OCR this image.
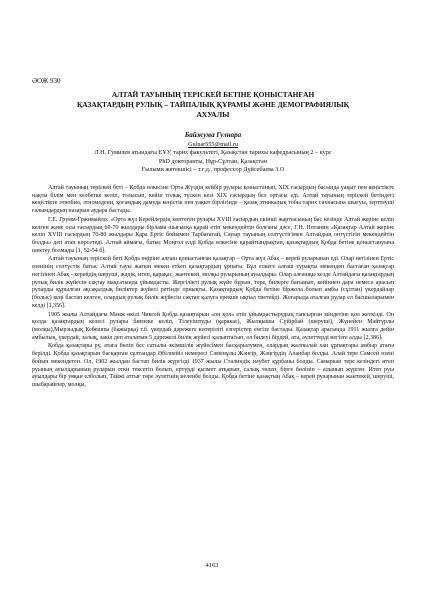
ӘОЖ 930
АЛТАЙ ТАУЫНЫҢ ТЕРІСКЕЙ БЕТІНЕ ҚОНЫСТАНҒАН
ҚАЗАҚТАРДЫҢ РУЛЫҚ – ТАЙПАЛЫҚ ҚҰРАМЫ ЖӘНЕ ДЕМОГРАФИЯЛЫҚ
АХУАЛЫ
Байжума Гулнара
Gulnar555@mail.ru
Л.Н. Гумилев атындағы ЕҰУ, тарих факультеті, Қазақстан тарихы кафедрасының 2 – курс
PhD докторанты, Нұр-Сұлтан, Қазақстан
Ғылыми жетекшісі – т.ғ.д., профессор Дүйсебаева З.О

Алтай тауының теріскей беті – Қобда өлкесіне Орта Жүздің кейбір рулары қоныстанып, XIX ғасырдың басында уақыт пен кеңістікте нақты білім мен келбетке келіп, толысып, кейін толық түскен кезі XIX ғасырдың бел ортасы еді. Алтай тауының теріскей бетіндегі кеңістікте этнобио, этномәдени, қоғамдық дамуда кеңістік пен уақыт бірлігінде – қазақ этникалық тобы тарих сахнасына шығуы, зерттеуші ғалымдардың назарын аудара бастады.

Г.Е. Грумм-Гржимайло: «Орта жүз Керейлердің көптеген рулары XVIII ғасырдың екінші жартысының бас кезінде Алтай жеріне келіп келген және осы ғасырдың 60-70 жылдары бірлама шығысқа қарай етіп мекендейтін болғаны дәсе, Г.Н. Потанин «Қазақтар Алтай жеріне келіп XVIII ғасырдың 70-80 жылдары Қара Ертіс бойымен Тарбағатай, Сауыр тауының солтүстігімен Алтайдың онтүстігін мекендейтін болды» деп атап көрсетеді. Алтай аймағы, батыс Моңғол елді Қобда өлкесіне қарайтындықтан, қазақтардың Қобда бетіне қоныстануына шектеу болмады [1, 52-54 б].

Алтай тауының теріскей беті Қобда өңіріне алғаш қоныстанған қазақтар – Орта жүз Абақ – керей руларынан еді. Олар негізінен Ертіс өзенінің солтүстік батыс Алтай тауы жағын мекен етken қазақтардың ұрпағы. Бұл елкеге алғаш турақты мекендеп бастаған қазақтар негізінен Абақ - керейдің шеруші, жәдік, итеп, қарақас, жантекей, молқы руларының ауылдары. Олар алғашқы кезде Алтайдағы қазақтардың рулық билік жүйесін сақтау мақсатында үйымдасты. Жергілікті рулық жүйе бұрын, тере, билерге бағынып, кейіннен дара немесе арасып руларды құрылған ақсақалдық биліктер жүйесі ретінде орнықты. Қазақтардың Қобда бетіне біржола болып амбы (сұлтан) үкердайлар (болыс) кеңі бастап келген, олардың рулық билік жүйесін сақтап қалуға ерекше ықпал тиетейді. Жоғарыда аталған рулар ел басшыларымен келді [1,356].

1905 жылы Алтайдағы Манж өкілі Чиксей Қобда қазақтарын «он қол» етіп ұйымдастырудың тапсырған міндетіне қол жеткізді. Он қолда қазақтардың келесі рулары бипзеке келіп, Тілеуіштуды (қаракас), Жылқышы Сүйірбай (шеруші), Жүнейен Майтүрлы (молқы),Мырзыдық Кебешпы (бажырқа) т.б. үкердай дәрежеге көтерілігі езгерістер енгізе бастады. Қазақтар арасында 1911 жылға дейін амбылық, үкердай, залық, закіл деп аталатын 5 дәрежелі билік жүйесі қалыптасып, ол билеуі бірдей, ата, әулеттерді негізге алды [2,386].

Қобда қазақтары ру, атаға бөліп бес сатылы әкімшілік жүйесімен басқарылумен, олардың жалпылай хан ұрпақтары амбыр атағы берілді. Қобда қазақтарын басқарған сұлтандар Әбілпейіз немересі Сәменұлы Жәнгір, Жәңгірдің Алаңбар болды. Алай тере Самсей өзені бойын мекендеген. Ол, 1902 жылдан бастап билік жүргізді 1937 жылы Сталиндік нәубет құрбаны болды. Самаркан тере кезіндегі итеп руының ауылдарының руларын отки тексетіп болып, ертүрді қызмет атқарып, салық төлеп, бірге бөлініп – алынып жүрген. Итеп руы ауылдары бір уяқан елболып, Тайжі аттығ төре әулетінің иеленбе болды. Қобда бетіне қазақтың Абақ – керей руларынан жантекей, шеруші, шыбарайғыр, молқы,

4163
